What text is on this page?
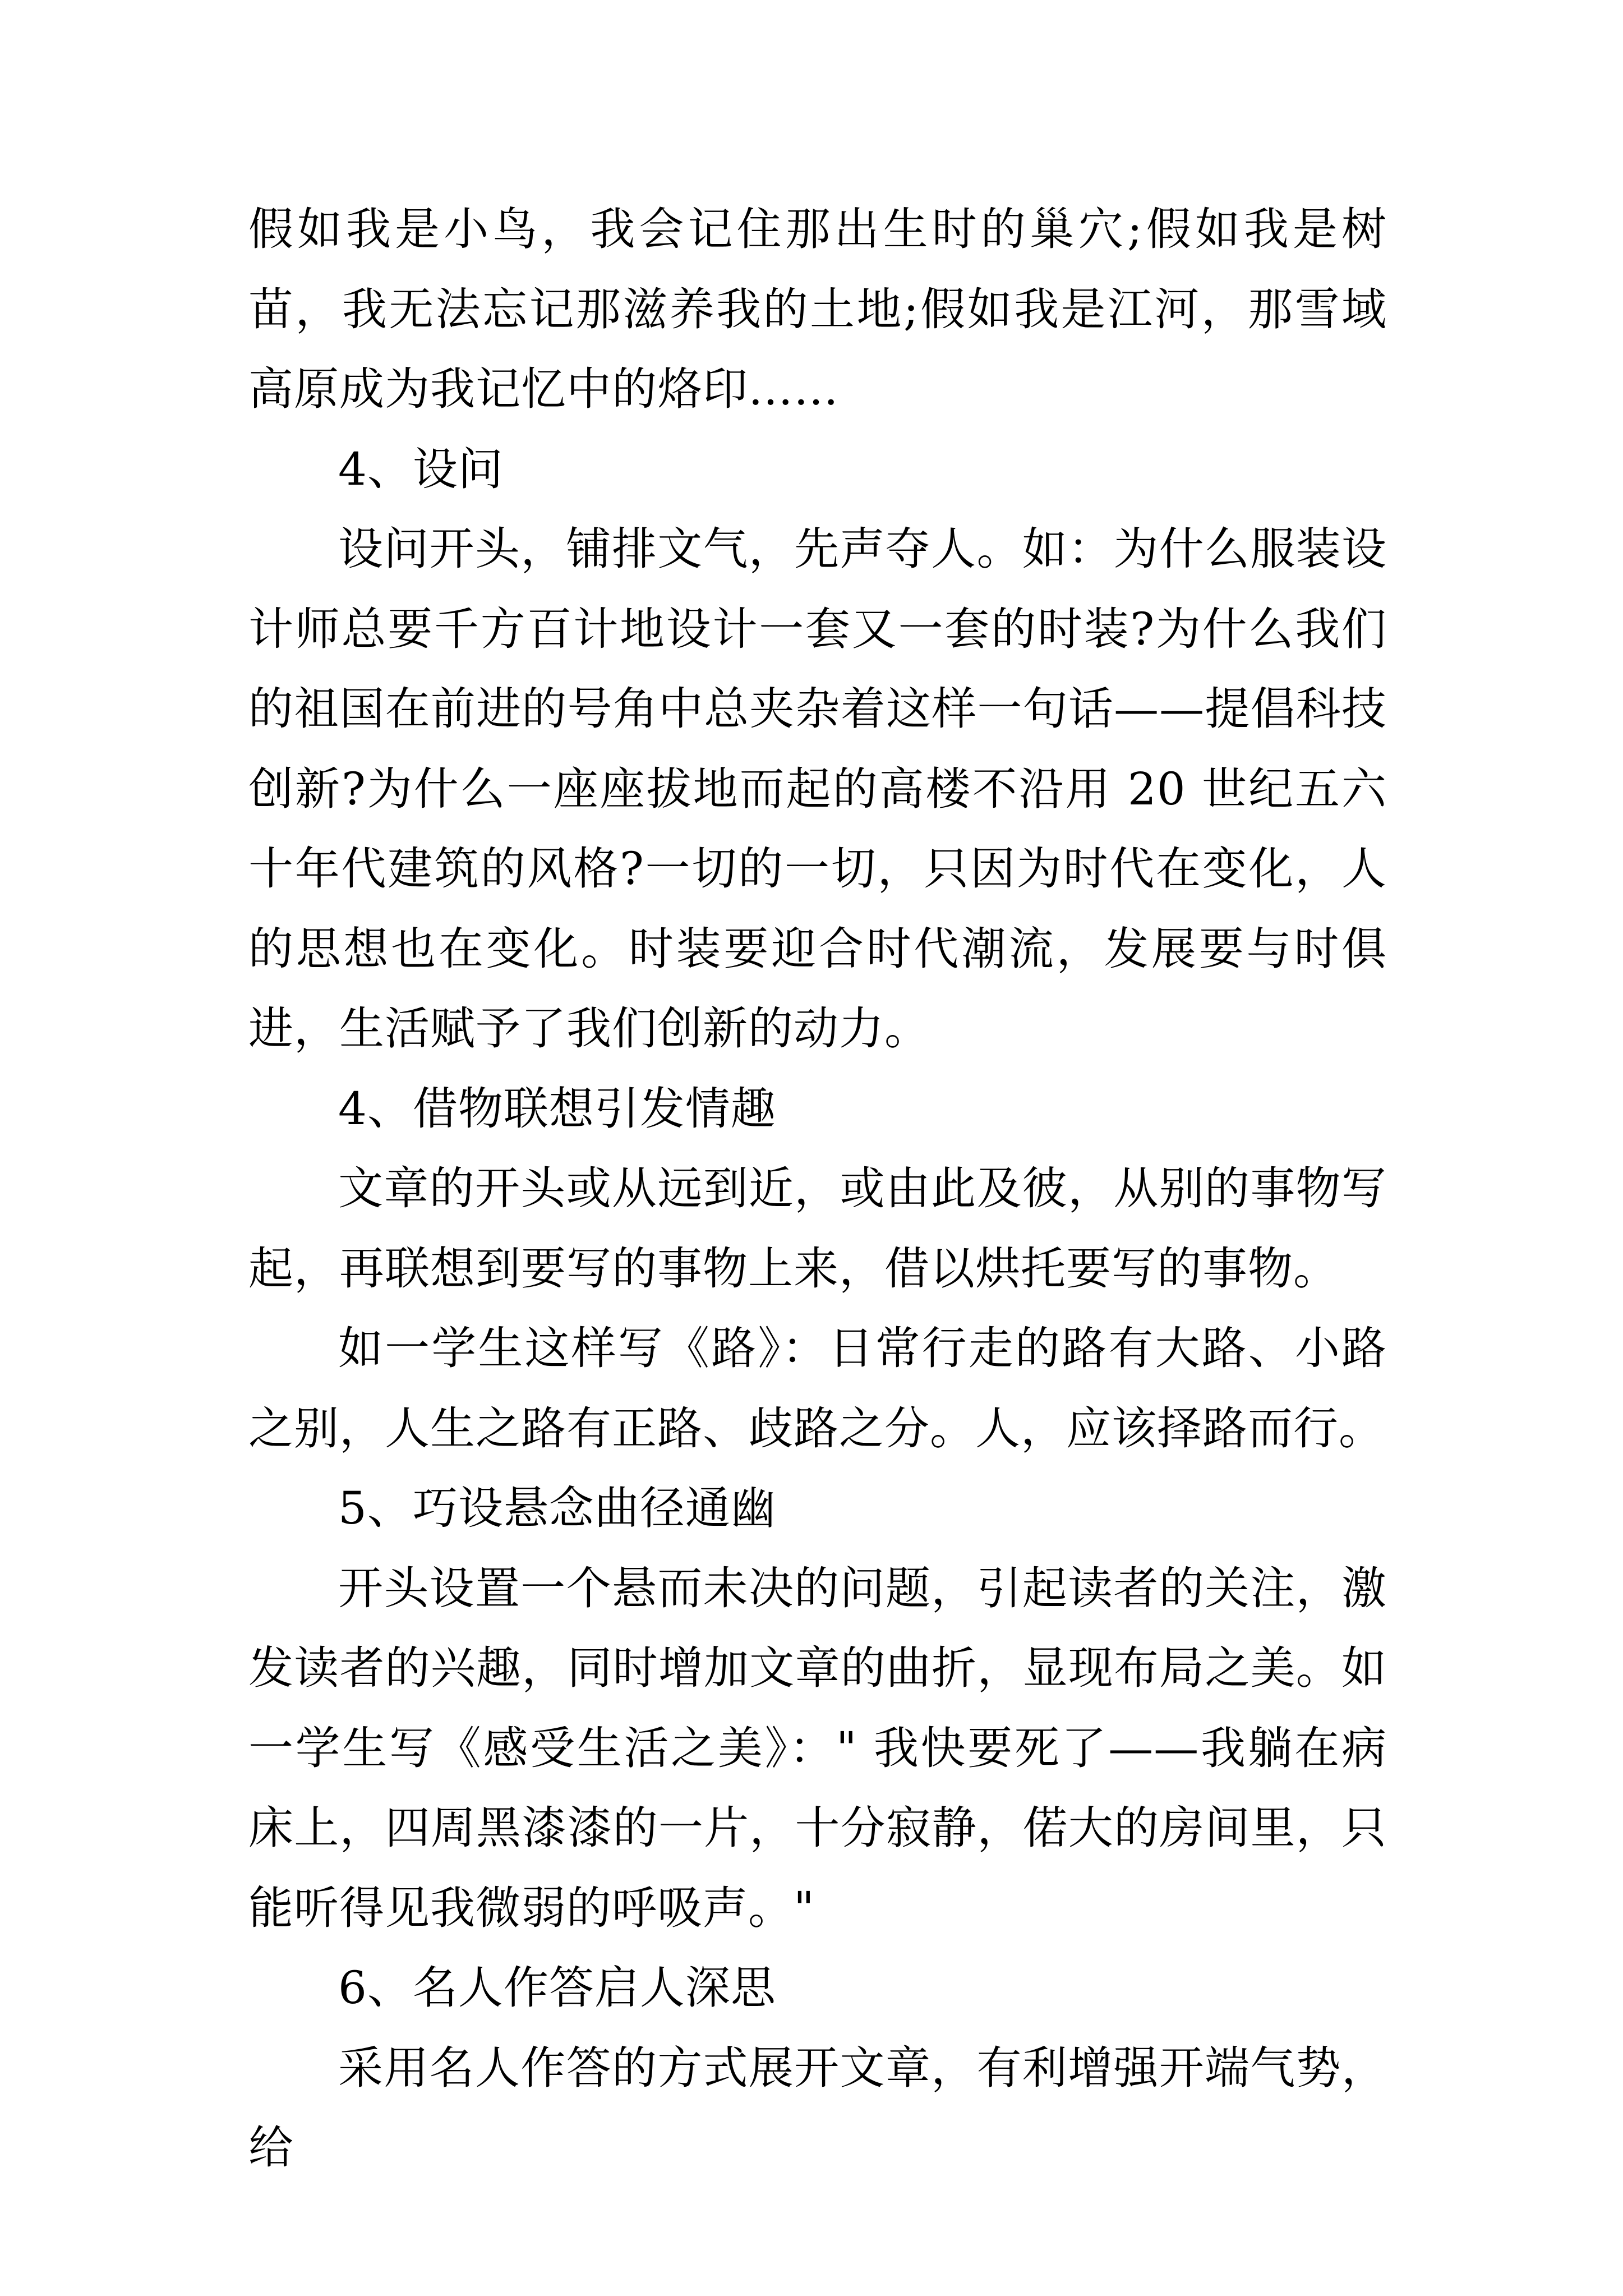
假如我是小鸟，我会记住那出生时的巢穴;假如我是树苗，我无法忘记那滋养我的土地;假如我是江河，那雪域高原成为我记忆中的烙印……

4、设问

设问开头，铺排文气，先声夺人。如：为什么服装设计师总要千方百计地设计一套又一套的时装?为什么我们的祖国在前进的号角中总夹杂着这样一句话——提倡科技创新?为什么一座座拔地而起的高楼不沿用 20 世纪五六十年代建筑的风格?一切的一切，只因为时代在变化，人的思想也在变化。时装要迎合时代潮流，发展要与时俱进，生活赋予了我们创新的动力。

4、借物联想引发情趣

文章的开头或从远到近，或由此及彼，从别的事物写起，再联想到要写的事物上来，借以烘托要写的事物。

如一学生这样写《路》：日常行走的路有大路、小路之别，人生之路有正路、歧路之分。人，应该择路而行。

5、巧设悬念曲径通幽

开头设置一个悬而未决的问题，引起读者的关注，激发读者的兴趣，同时增加文章的曲折，显现布局之美。如一学生写《感受生活之美》：" 我快要死了——我躺在病床上，四周黑漆漆的一片，十分寂静，偌大的房间里，只能听得见我微弱的呼吸声。"

6、名人作答启人深思

采用名人作答的方式展开文章，有利增强开端气势，给
